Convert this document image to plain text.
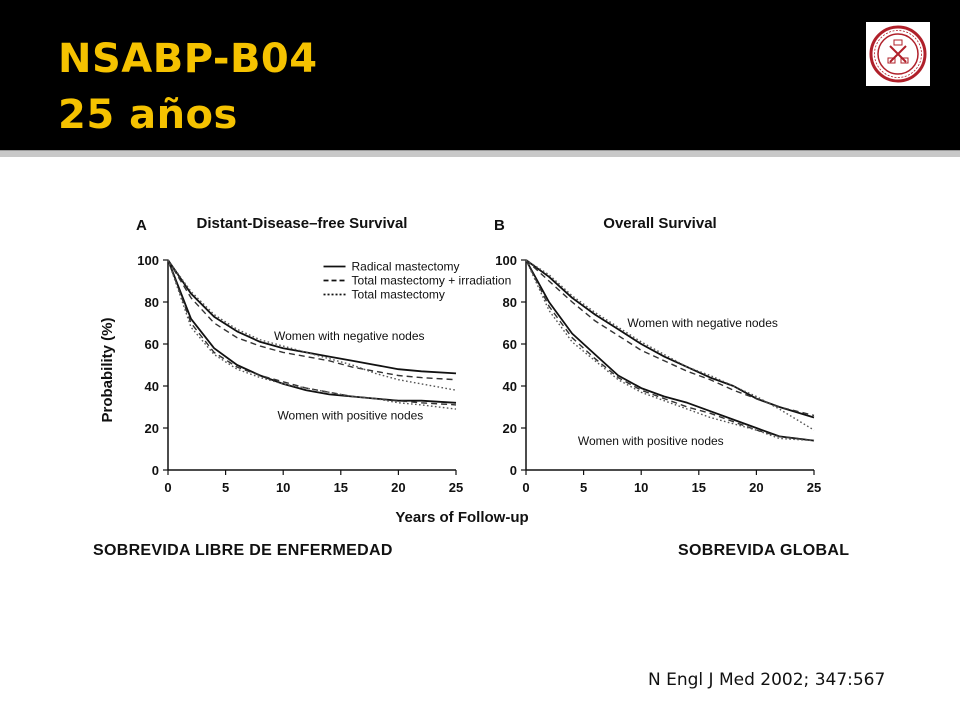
NSABP-B04
25 años
Probability (%)
Years of Follow-up
A	Distant-Disease–free Survival
0
20
40
60
80
100
0	5	10	15	20	25
Women with negative nodes
Women with positive nodes
Radical mastectomy
Total mastectomy + irradiation
Total mastectomy
B	Overall Survival
0
20
40
60
80
100
0	5	10	15	20	25
Women with negative nodes
Women with positive nodes
SOBREVIDA LIBRE DE ENFERMEDAD	SOBREVIDA GLOBAL
N Engl J Med 2002; 347:567
